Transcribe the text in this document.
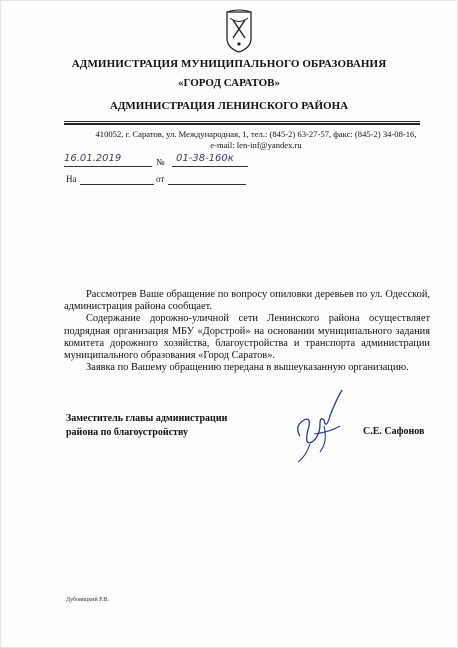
АДМИНИСТРАЦИЯ МУНИЦИПАЛЬНОГО ОБРАЗОВАНИЯ
«ГОРОД САРАТОВ»
АДМИНИСТРАЦИЯ ЛЕНИНСКОГО РАЙОНА
410052, г. Саратов, ул. Международная, 1, тел.: (845-2) 63-27-57, факс: (845-2) 34-08-16,
e-mail: len-inf@yandex.ru
16.01.2019	№ 01-38-160к
На	от

Рассмотрев Ваше обращение по вопросу опиловки деревьев по ул. Одесской, администрация района сообщает.

Содержание дорожно-уличной сети Ленинского района осуществляет подрядная организация МБУ «Дорстрой» на основании муниципального задания комитета дорожного хозяйства, благоустройства и транспорта администрации муниципального образования «Город Саратов».

Заявка по Вашему обращению передана в вышеуказанную организацию.

Заместитель главы администрации
района по благоустройству	С.Е. Сафонов
Дубовицкий Р.В.
